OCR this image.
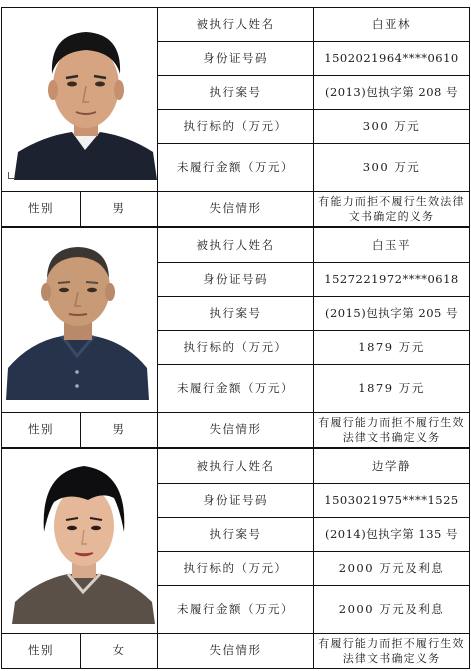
被执行人姓名	白亚林
身份证号码	1502021964****0610
执行案号	(2013)包执字第 208 号
执行标的（万元）	300 万元
未履行金额（万元）	300 万元
性别	男	失信情形	有能力而拒不履行生效法律文书确定的义务
被执行人姓名	白玉平
身份证号码	1527221972****0618
执行案号	(2015)包执字第 205 号
执行标的（万元）	1879 万元
未履行金额（万元）	1879 万元
性别	男	失信情形	有履行能力而拒不履行生效法律文书确定义务
被执行人姓名	边学静
身份证号码	1503021975****1525
执行案号	(2014)包执字第 135 号
执行标的（万元）	2000 万元及利息
未履行金额（万元）	2000 万元及利息
性别	女	失信情形	有履行能力而拒不履行生效法律文书确定义务
